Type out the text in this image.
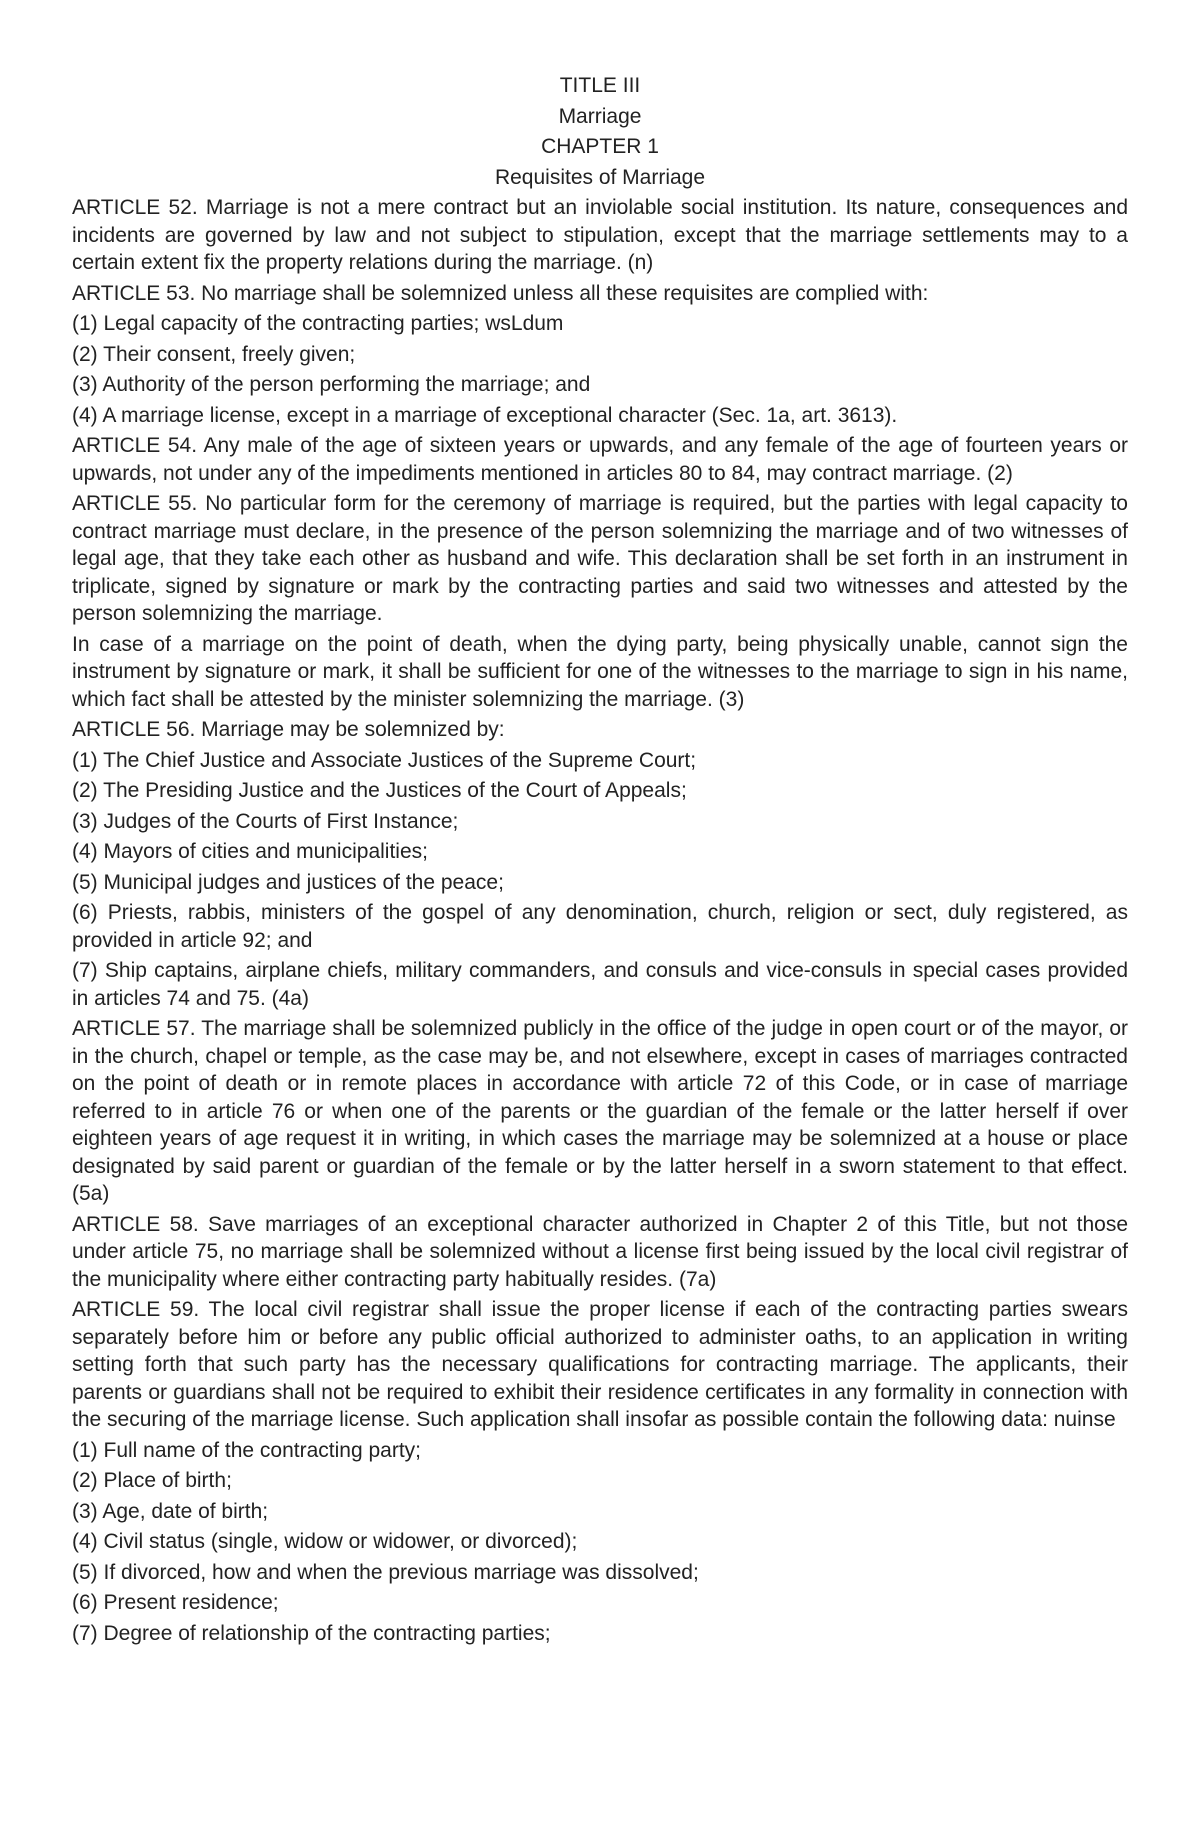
TITLE III
Marriage
CHAPTER 1
Requisites of Marriage
ARTICLE 52. Marriage is not a mere contract but an inviolable social institution. Its nature, consequences and incidents are governed by law and not subject to stipulation, except that the marriage settlements may to a certain extent fix the property relations during the marriage. (n)
ARTICLE 53. No marriage shall be solemnized unless all these requisites are complied with:
(1) Legal capacity of the contracting parties; wsLdum
(2) Their consent, freely given;
(3) Authority of the person performing the marriage; and
(4) A marriage license, except in a marriage of exceptional character (Sec. 1a, art. 3613).
ARTICLE 54. Any male of the age of sixteen years or upwards, and any female of the age of fourteen years or upwards, not under any of the impediments mentioned in articles 80 to 84, may contract marriage. (2)
ARTICLE 55. No particular form for the ceremony of marriage is required, but the parties with legal capacity to contract marriage must declare, in the presence of the person solemnizing the marriage and of two witnesses of legal age, that they take each other as husband and wife. This declaration shall be set forth in an instrument in triplicate, signed by signature or mark by the contracting parties and said two witnesses and attested by the person solemnizing the marriage.
In case of a marriage on the point of death, when the dying party, being physically unable, cannot sign the instrument by signature or mark, it shall be sufficient for one of the witnesses to the marriage to sign in his name, which fact shall be attested by the minister solemnizing the marriage. (3)
ARTICLE 56. Marriage may be solemnized by:
(1) The Chief Justice and Associate Justices of the Supreme Court;
(2) The Presiding Justice and the Justices of the Court of Appeals;
(3) Judges of the Courts of First Instance;
(4) Mayors of cities and municipalities;
(5) Municipal judges and justices of the peace;
(6) Priests, rabbis, ministers of the gospel of any denomination, church, religion or sect, duly registered, as provided in article 92; and
(7) Ship captains, airplane chiefs, military commanders, and consuls and vice-consuls in special cases provided in articles 74 and 75. (4a)
ARTICLE 57. The marriage shall be solemnized publicly in the office of the judge in open court or of the mayor, or in the church, chapel or temple, as the case may be, and not elsewhere, except in cases of marriages contracted on the point of death or in remote places in accordance with article 72 of this Code, or in case of marriage referred to in article 76 or when one of the parents or the guardian of the female or the latter herself if over eighteen years of age request it in writing, in which cases the marriage may be solemnized at a house or place designated by said parent or guardian of the female or by the latter herself in a sworn statement to that effect. (5a)
ARTICLE 58. Save marriages of an exceptional character authorized in Chapter 2 of this Title, but not those under article 75, no marriage shall be solemnized without a license first being issued by the local civil registrar of the municipality where either contracting party habitually resides. (7a)
ARTICLE 59. The local civil registrar shall issue the proper license if each of the contracting parties swears separately before him or before any public official authorized to administer oaths, to an application in writing setting forth that such party has the necessary qualifications for contracting marriage. The applicants, their parents or guardians shall not be required to exhibit their residence certificates in any formality in connection with the securing of the marriage license. Such application shall insofar as possible contain the following data: nuinse
(1) Full name of the contracting party;
(2) Place of birth;
(3) Age, date of birth;
(4) Civil status (single, widow or widower, or divorced);
(5) If divorced, how and when the previous marriage was dissolved;
(6) Present residence;
(7) Degree of relationship of the contracting parties;
